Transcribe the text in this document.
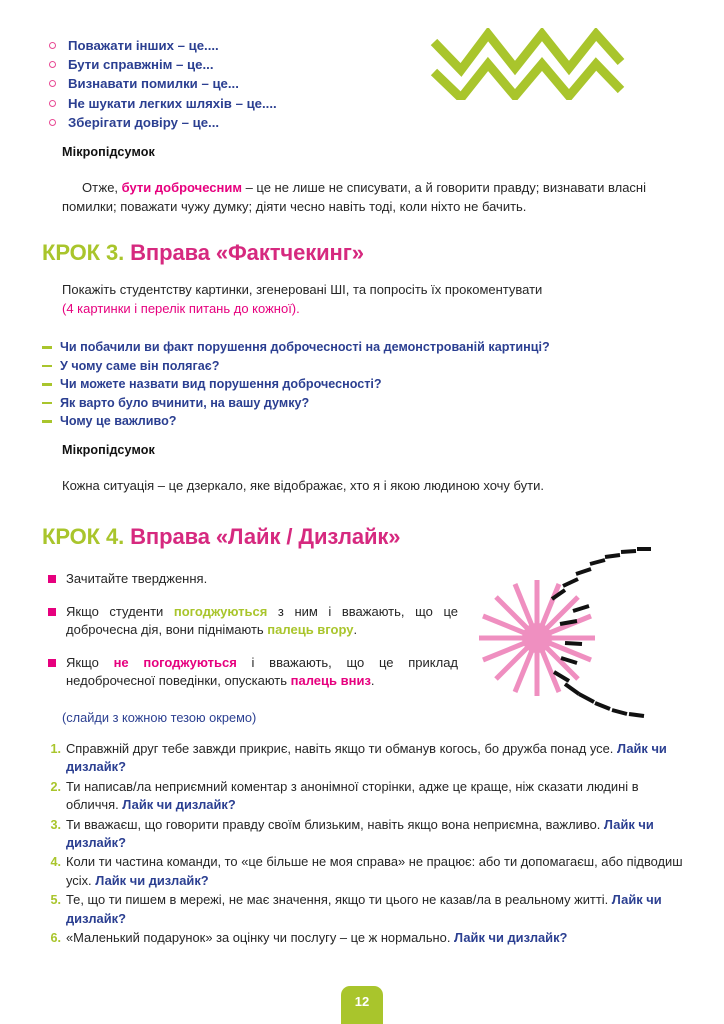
Поважати інших – це....
Бути справжнім – це...
Визнавати помилки – це...
Не шукати легких шляхів – це....
Зберігати довіру – це...
Мікропідсумок
Отже, бути доброчесним – це не лише не списувати, а й говорити правду; визнавати власні помилки; поважати чужу думку; діяти чесно навіть тоді, коли ніхто не бачить.
КРОК 3. Вправа «Фактчекинг»
Покажіть студентству картинки, згенеровані ШІ, та попросіть їх прокоментувати
(4 картинки і перелік питань до кожної).
Чи побачили ви факт порушення доброчесності на демонстрованій картинці?
У чому саме він полягає?
Чи можете назвати вид порушення доброчесності?
Як варто було вчинити, на вашу думку?
Чому це важливо?
Мікропідсумок
Кожна ситуація – це дзеркало, яке відображає, хто я і якою людиною хочу бути.
КРОК 4. Вправа «Лайк / Дизлайк»
Зачитайте твердження.
Якщо студенти погоджуються з ним і вважають, що це доброчесна дія, вони піднімають палець вгору.
Якщо не погоджуються і вважають, що це приклад недоброчесної поведінки, опускають палець вниз.
(слайди з кожною тезою окремо)
1. Справжній друг тебе завжди прикриє, навіть якщо ти обманув когось, бо дружба понад усе. Лайк чи дизлайк?
2. Ти написав/ла неприємний коментар з анонімної сторінки, адже це краще, ніж сказати людині в обличчя. Лайк чи дизлайк?
3. Ти вважаєш, що говорити правду своїм близьким, навіть якщо вона неприємна, важливо. Лайк чи дизлайк?
4. Коли ти частина команди, то «це більше не моя справа» не працює: або ти допомагаєш, або підводиш усіх. Лайк чи дизлайк?
5. Те, що ти пишем в мережі, не має значення, якщо ти цього не казав/ла в реальному житті. Лайк чи дизлайк?
6. «Маленький подарунок» за оцінку чи послугу – це ж нормально. Лайк чи дизлайк?
12
